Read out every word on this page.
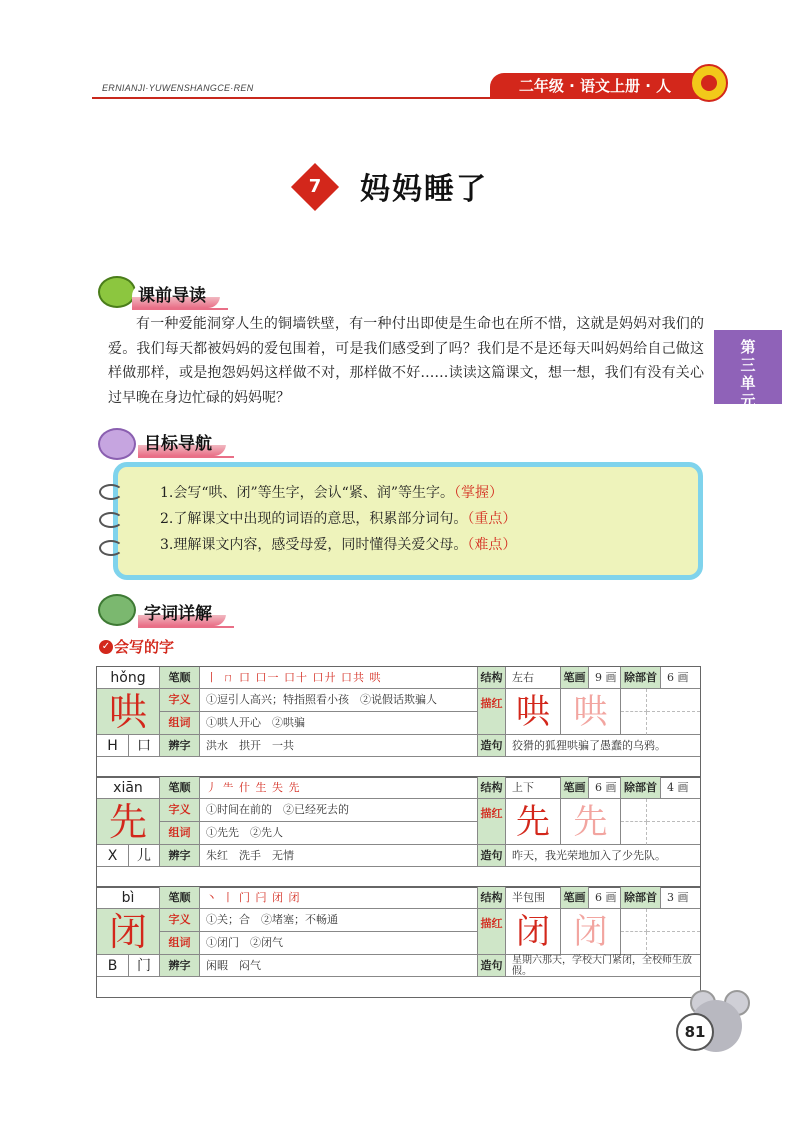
ERNIANJI·YUWENSHANGCE·REN	二年级 · 语文上册 · 人
第三单元
7	妈妈睡了
课前导读
有一种爱能洞穿人生的铜墙铁壁，有一种付出即使是生命也在所不惜，这就是妈妈对我们的爱。我们每天都被妈妈的爱包围着，可是我们感受到了吗？我们是不是还每天叫妈妈给自己做这样做那样，或是抱怨妈妈这样做不对，那样做不好……读读这篇课文，想一想，我们有没有关心过早晚在身边忙碌的妈妈呢？
目标导航
1.会写“哄、闭”等生字，会认“紧、润”等生字。（掌握）
2.了解课文中出现的词语的意思，积累部分词句。（重点）
3.理解课文内容，感受母爱，同时懂得关爱父母。（难点）
字词详解
✓ 会写的字
hǒng	笔顺	丨 ㄇ 口 口一 口十 口廾 口共 哄	结构 左右	笔画 9 画 除部首 6 画
哄	字义	①逗引人高兴；特指照看小孩　②说假话欺骗人
组词	①哄人开心　②哄骗
描红 哄 哄
H	口	辨字	洪水　拱开　一共	造句 狡猾的狐狸哄骗了愚蠢的乌鸦。
xiān	笔顺	丿 ⺧ 什 生 失 先	结构 上下	笔画 6 画 除部首 4 画
先	字义	①时间在前的　②已经死去的
组词	①先先　②先人
描红 先 先
X	儿	辨字	朱红　洗手　无情	造句 昨天，我光荣地加入了少先队。
bì	笔顺	丶 丨 门 闩 闭 闭	结构 半包围	笔画 6 画 除部首 3 画
闭	字义	①关；合　②堵塞；不畅通
组词	①闭门　②闭气
描红 闭 闭
B	门	辨字	闲暇　闷气	造句 星期六那天，学校大门紧闭，全校师生放假。
81
